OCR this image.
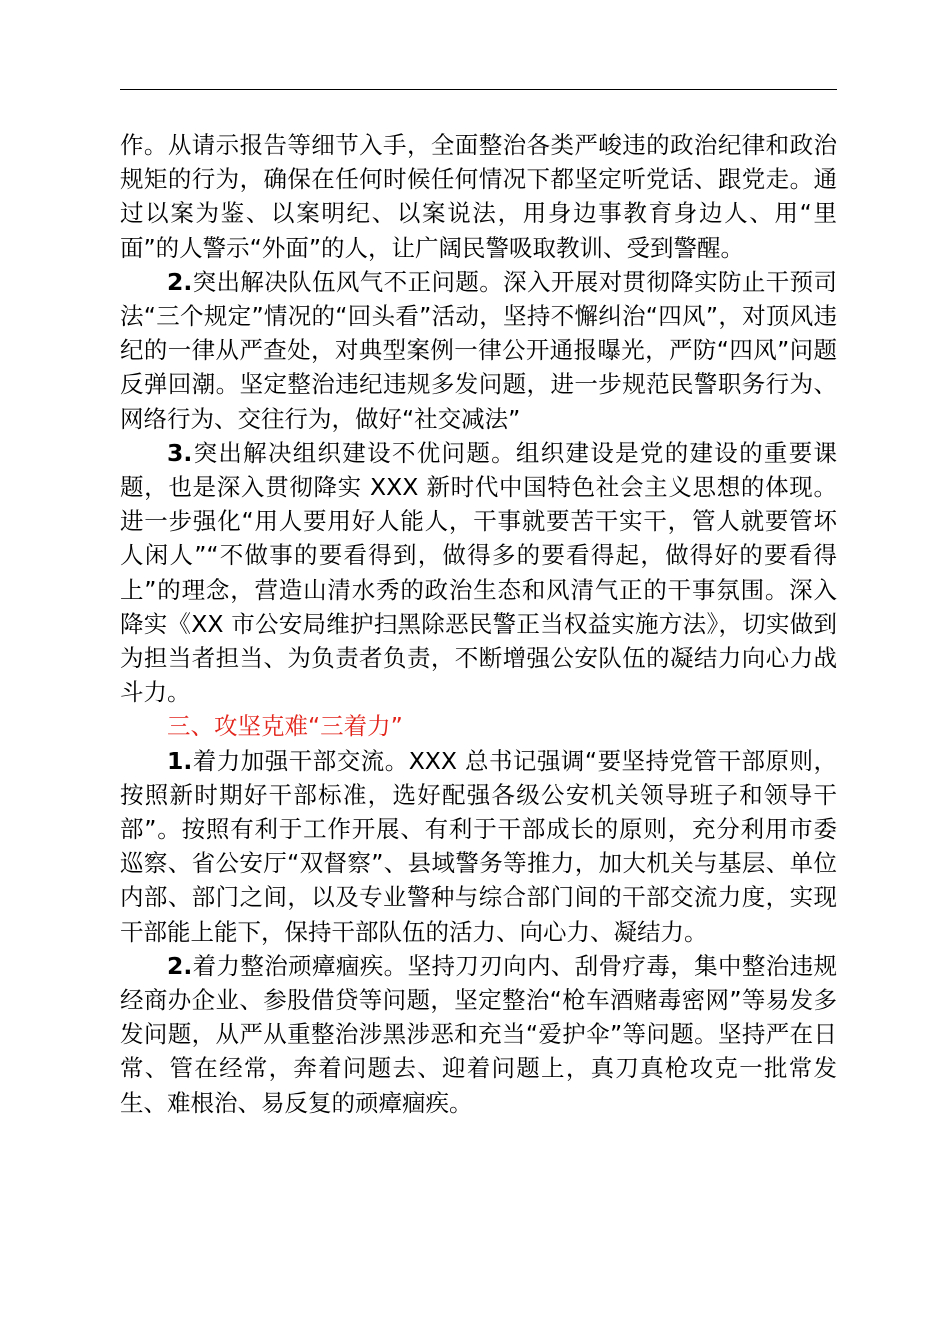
作。从请示报告等细节入手，全面整治各类严峻违的政治纪律和政治规矩的行为，确保在任何时候任何情况下都坚定听党话、跟党走。通过以案为鉴、以案明纪、以案说法，用身边事教育身边人、用“里面”的人警示“外面”的人，让广阔民警吸取教训、受到警醒。

2.突出解决队伍风气不正问题。深入开展对贯彻降实防止干预司法“三个规定”情况的“回头看”活动，坚持不懈纠治“四风”，对顶风违纪的一律从严查处，对典型案例一律公开通报曝光，严防“四风”问题反弹回潮。坚定整治违纪违规多发问题，进一步规范民警职务行为、网络行为、交往行为，做好“社交减法”

3.突出解决组织建设不优问题。组织建设是党的建设的重要课题，也是深入贯彻降实 XXX 新时代中国特色社会主义思想的体现。进一步强化“用人要用好人能人，干事就要苦干实干，管人就要管坏人闲人”“不做事的要看得到，做得多的要看得起，做得好的要看得上”的理念，营造山清水秀的政治生态和风清气正的干事氛围。深入降实《XX 市公安局维护扫黑除恶民警正当权益实施方法》，切实做到为担当者担当、为负责者负责，不断增强公安队伍的凝结力向心力战斗力。

三、攻坚克难“三着力”

1.着力加强干部交流。XXX 总书记强调“要坚持党管干部原则，按照新时期好干部标准，选好配强各级公安机关领导班子和领导干部”。按照有利于工作开展、有利于干部成长的原则，充分利用市委巡察、省公安厅“双督察”、县域警务等推力，加大机关与基层、单位内部、部门之间，以及专业警种与综合部门间的干部交流力度，实现干部能上能下，保持干部队伍的活力、向心力、凝结力。

2.着力整治顽瘴痼疾。坚持刀刃向内、刮骨疗毒，集中整治违规经商办企业、参股借贷等问题，坚定整治“枪车酒赌毒密网”等易发多发问题，从严从重整治涉黑涉恶和充当“爱护伞”等问题。坚持严在日常、管在经常，奔着问题去、迎着问题上，真刀真枪攻克一批常发生、难根治、易反复的顽瘴痼疾。
